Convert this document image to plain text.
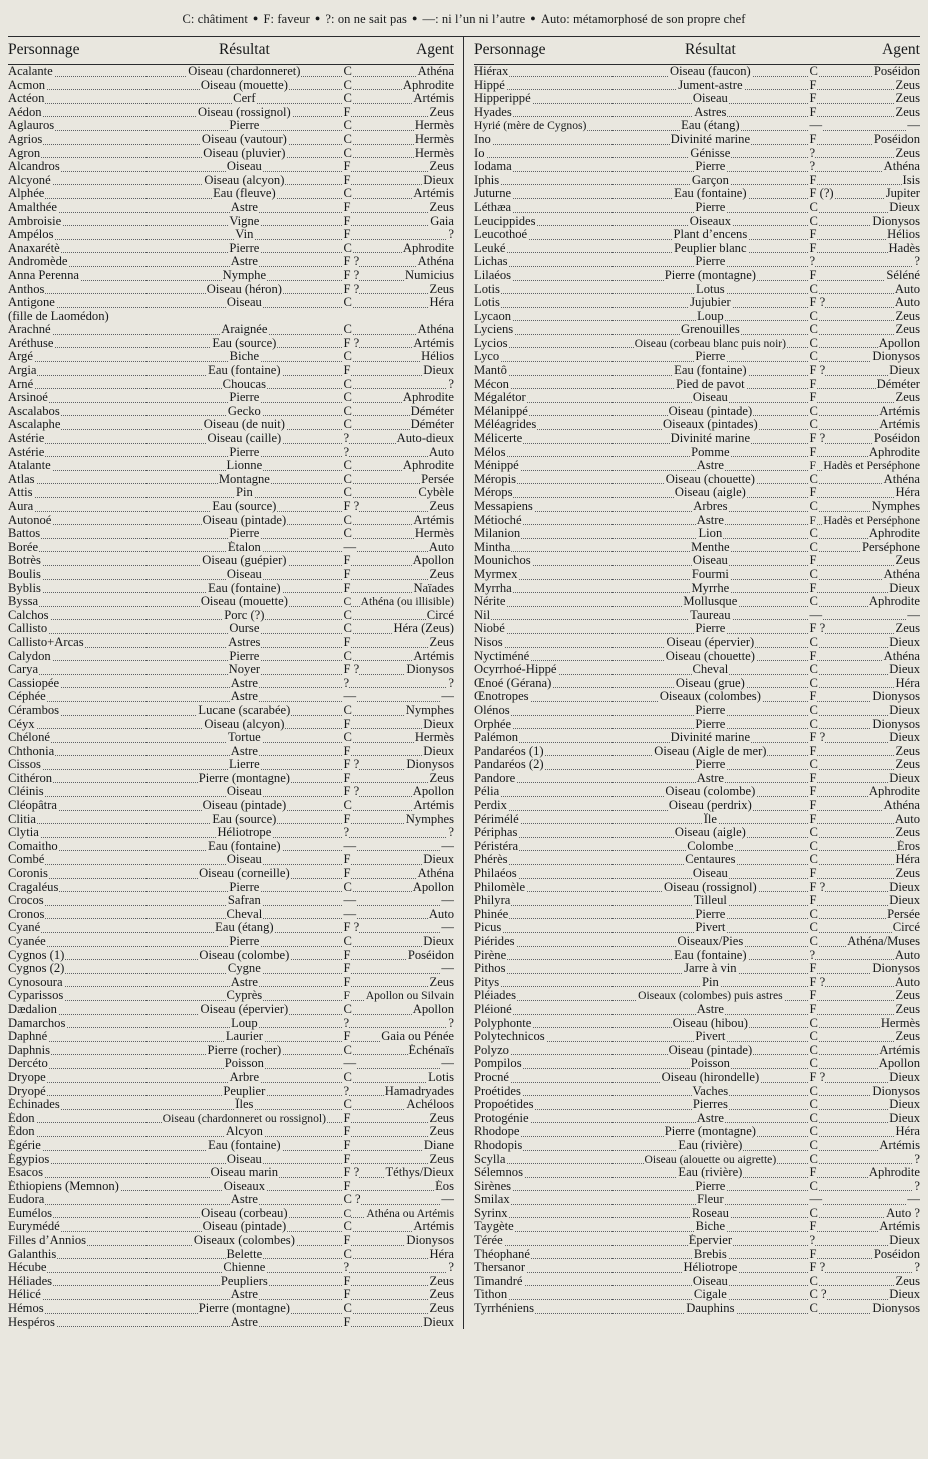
C: châtiment ● F: faveur ● ?: on ne sait pas ● —: ni l’un ni l’autre ● Auto: métamorphosé de son propre chef
Personnage	Résultat	Agent

Acalante	Oiseau (chardonneret)	C Athéna

Acmon	Oiseau (mouette)	C Aphrodite

Actéon	Cerf	C Artémis

Aédon	Oiseau (rossignol)	F Zeus

Aglauros	Pierre	C Hermès

Agrios	Oiseau (vautour)	C Hermès

Agron	Oiseau (pluvier)	C Hermès

Alcandros	Oiseau	F Zeus

Alcyoné	Oiseau (alcyon)	F Dieux

Alphée	Eau (fleuve)	C Artémis

Amalthée	Astre	F Zeus

Ambroisie	Vigne	F Gaia

Ampélos	Vin	F ?

Anaxarétè	Pierre	C Aphrodite

Andromède	Astre	F ? Athéna

Anna Perenna	Nymphe	F ? Numicius

Anthos	Oiseau (héron)	F ? Zeus

Antigone	Oiseau	C Héra

(fille de Laomédon)		

Arachné	Araignée	C Athéna

Aréthuse	Eau (source)	F ? Artémis

Argé	Biche	C Hélios

Argia	Eau (fontaine)	F Dieux

Arné	Choucas	C ?

Arsinoé	Pierre	C Aphrodite

Ascalabos	Gecko	C Déméter

Ascalaphe	Oiseau (de nuit)	C Déméter

Astérie	Oiseau (caille)	? Auto-dieux

Astérie	Pierre	? Auto

Atalante	Lionne	C Aphrodite

Atlas	Montagne	C Persée

Attis	Pin	C Cybèle

Aura	Eau (source)	F ? Zeus

Autonoé	Oiseau (pintade)	C Artémis

Battos	Pierre	C Hermès

Borée	Étalon	— Auto

Botrès	Oiseau (guépier)	F Apollon

Boulis	Oiseau	F Zeus

Byblis	Eau (fontaine)	F Naïades

Byssa	Oiseau (mouette)	C Athéna (ou illisible)

Calchos	Porc (?)	C Circé

Callisto	Ourse	C Héra (Zeus)

Callisto+Arcas	Astres	F Zeus

Calydon	Pierre	C Artémis

Carya	Noyer	F ? Dionysos

Cassiopée	Astre	? ?

Céphée	Astre	— —

Cérambos	Lucane (scarabée)	C Nymphes

Céyx	Oiseau (alcyon)	F Dieux

Chéloné	Tortue	C Hermès

Chthonia	Astre	F Dieux

Cissos	Lierre	F ? Dionysos

Cithéron	Pierre (montagne)	F Zeus

Cléinis	Oiseau	F ? Apollon

Cléopâtra	Oiseau (pintade)	C Artémis

Clitia	Eau (source)	F Nymphes

Clytia	Héliotrope	? ?

Comaitho	Eau (fontaine)	— —

Combé	Oiseau	F Dieux

Coronis	Oiseau (corneille)	F Athéna

Cragaléus	Pierre	C Apollon

Crocos	Safran	— —

Cronos	Cheval	— Auto

Cyané	Eau (étang)	F ? —

Cyanée	Pierre	C Dieux

Cygnos (1)	Oiseau (colombe)	F Poséidon

Cygnos (2)	Cygne	F —

Cynosoura	Astre	F Zeus

Cyparissos	Cyprès	F Apollon ou Silvain

Dædalion	Oiseau (épervier)	C Apollon

Damarchos	Loup	? ?

Daphné	Laurier	F Gaia ou Pénée

Daphnis	Pierre (rocher)	C Échénaïs

Dercéto	Poisson	— —

Dryope	Arbre	C Lotis

Dryopé	Peuplier	? Hamadryades

Échinades	Îles	C Achéloos

Édon	Oiseau (chardonneret ou rossignol)	F Zeus

Édon	Alcyon	F Zeus

Égérie	Eau (fontaine)	F Diane

Égypios	Oiseau	F Zeus

Esacos	Oiseau marin	F ? Téthys/Dieux

Éthiopiens (Memnon)	Oiseaux	F Éos

Eudora	Astre	C ? —

Eumélos	Oiseau (corbeau)	C Athéna ou Artémis

Eurymédé	Oiseau (pintade)	C Artémis

Filles d’Annios	Oiseaux (colombes)	F Dionysos

Galanthis	Belette	C Héra

Hécube	Chienne	? ?

Héliades	Peupliers	F Zeus

Hélicé	Astre	F Zeus

Hémos	Pierre (montagne)	C Zeus

Hespéros	Astre	F Dieux
Personnage	Résultat	Agent

Hiérax	Oiseau (faucon)	C Poséidon

Hippé	Jument-astre	F Zeus

Hipperippé	Oiseau	F Zeus

Hyades	Astres	F Zeus

Hyrié (mère de Cygnos)	Eau (étang)	— —

Ino	Divinité marine	F Poséidon

Io	Génisse	? Zeus

Iodama	Pierre	? Athéna

Iphis	Garçon	F Isis

Juturne	Eau (fontaine)	F (?) Jupiter

Léthæa	Pierre	C Dieux

Leucippides	Oiseaux	C Dionysos

Leucothoé	Plant d’encens	F Hélios

Leuké	Peuplier blanc	F Hadès

Lichas	Pierre	? ?

Lilaéos	Pierre (montagne)	F Séléné

Lotis	Lotus	C Auto

Lotis	Jujubier	F ? Auto

Lycaon	Loup	C Zeus

Lyciens	Grenouilles	C Zeus

Lycios	Oiseau (corbeau blanc puis noir)	C Apollon

Lyco	Pierre	C Dionysos

Mantô	Eau (fontaine)	F ? Dieux

Mécon	Pied de pavot	F Déméter

Mégalétor	Oiseau	F Zeus

Mélanippé	Oiseau (pintade)	C Artémis

Méléagrides	Oiseaux (pintades)	C Artémis

Mélicerte	Divinité marine	F ? Poséidon

Mélos	Pomme	F Aphrodite

Ménippé	Astre	F Hadès et Perséphone

Méropis	Oiseau (chouette)	C Athéna

Mérops	Oiseau (aigle)	F Héra

Messapiens	Arbres	C Nymphes

Métioché	Astre	F Hadès et Perséphone

Milanion	Lion	C Aphrodite

Mintha	Menthe	C Perséphone

Mounichos	Oiseau	F Zeus

Myrmex	Fourmi	C Athéna

Myrrha	Myrrhe	F Dieux

Nérite	Mollusque	C Aphrodite

Nil	Taureau	— —

Niobé	Pierre	F ? Zeus

Nisos	Oiseau (épervier)	C Dieux

Nyctiméné	Oiseau (chouette)	F Athéna

Ocyrrhoé-Hippé	Cheval	C Dieux

Œnoé (Gérana)	Oiseau (grue)	C Héra

Œnotropes	Oiseaux (colombes)	F Dionysos

Olénos	Pierre	C Dieux

Orphée	Pierre	C Dionysos

Palémon	Divinité marine	F ? Dieux

Pandaréos (1)	Oiseau (Aigle de mer)	F Zeus

Pandaréos (2)	Pierre	C Zeus

Pandore	Astre	F Dieux

Pélia	Oiseau (colombe)	F Aphrodite

Perdix	Oiseau (perdrix)	F Athéna

Périmélé	Île	F Auto

Périphas	Oiseau (aigle)	C Zeus

Péristéra	Colombe	C Éros

Phérès	Centaures	C Héra

Philaéos	Oiseau	F Zeus

Philomèle	Oiseau (rossignol)	F ? Dieux

Philyra	Tilleul	F Dieux

Phinée	Pierre	C Persée

Picus	Pivert	C Circé

Piérides	Oiseaux/Pies	C Athéna/Muses

Pirène	Eau (fontaine)	? Auto

Pithos	Jarre à vin	F Dionysos

Pitys	Pin	F ? Auto

Pléiades	Oiseaux (colombes) puis astres	F Zeus

Pléioné	Astre	F Zeus

Polyphonte	Oiseau (hibou)	C Hermès

Polytechnicos	Pivert	C Zeus

Polyzo	Oiseau (pintade)	C Artémis

Pompilos	Poisson	C Apollon

Procné	Oiseau (hirondelle)	F ? Dieux

Proétides	Vaches	C Dionysos

Propoétides	Pierres	C Dieux

Protogénie	Astre	C Dieux

Rhodope	Pierre (montagne)	C Héra

Rhodopis	Eau (rivière)	C Artémis

Scylla	Oiseau (alouette ou aigrette)	C ?

Sélemnos	Eau (rivière)	F Aphrodite

Sirènes	Pierre	C ?

Smilax	Fleur	— —

Syrinx	Roseau	C Auto ?

Taygète	Biche	F Artémis

Térée	Épervier	? Dieux

Théophané	Brebis	F Poséidon

Thersanor	Héliotrope	F ? ?

Timandré	Oiseau	C Zeus

Tithon	Cigale	C ? Dieux

Tyrrhéniens	Dauphins	C Dionysos
